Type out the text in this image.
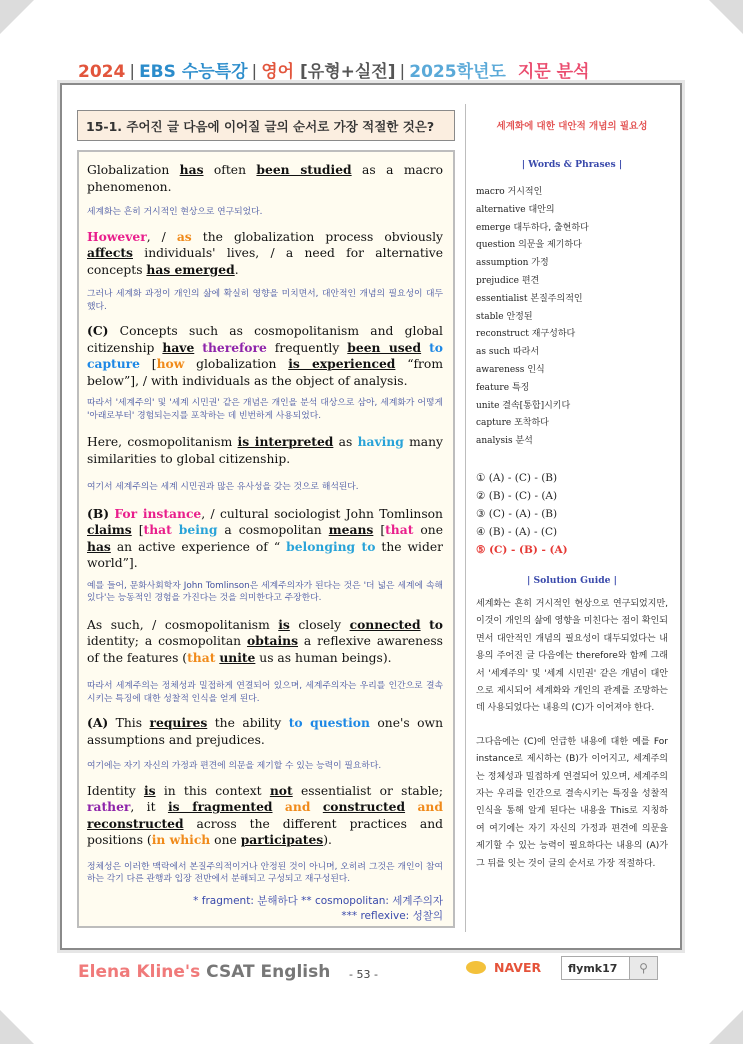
2024 | EBS 수능특강 | 영어 [유형+실전] | 2025학년도 지문 분석
15-1. 주어진 글 다음에 이어질 글의 순서로 가장 적절한 것은?

Globalization has often been studied as a macro phenomenon.

세계화는 흔히 거시적인 현상으로 연구되었다.

However, / as the globalization process obviously affects individuals' lives, / a need for alternative concepts has emerged.

그러나 세계화 과정이 개인의 삶에 확실히 영향을 미치면서, 대안적인 개념의 필요성이 대두했다.

(C) Concepts such as cosmopolitanism and global citizenship have therefore frequently been used to capture [how globalization is experienced “from below”], / with individuals as the object of analysis.

따라서 '세계주의' 및 '세계 시민권' 같은 개념은 개인을 분석 대상으로 삼아, 세계화가 어떻게 '아래로부터' 경험되는지를 포착하는 데 빈번하게 사용되었다.

Here, cosmopolitanism is interpreted as having many similarities to global citizenship.

여기서 세계주의는 세계 시민권과 많은 유사성을 갖는 것으로 해석된다.

(B) For instance, / cultural sociologist John Tomlinson claims [that being a cosmopolitan means [that one has an active experience of “ belonging to the wider world”].

예를 들어, 문화사회학자 John Tomlinson은 세계주의자가 된다는 것은 '더 넓은 세계에 속해 있다'는 능동적인 경험을 가진다는 것을 의미한다고 주장한다.

As such, / cosmopolitanism is closely connected to identity; a cosmopolitan obtains a reflexive awareness of the features (that unite us as human beings).

따라서 세계주의는 정체성과 밀접하게 연결되어 있으며, 세계주의자는 우리를 인간으로 결속시키는 특징에 대한 성찰적 인식을 얻게 된다.

(A) This requires the ability to question one's own assumptions and prejudices.

여기에는 자기 자신의 가정과 편견에 의문을 제기할 수 있는 능력이 필요하다.

Identity is in this context not essentialist or stable; rather, it is fragmented and constructed and reconstructed across the different practices and positions (in which one participates).

정체성은 이러한 맥락에서 본질주의적이거나 안정된 것이 아니며, 오히려 그것은 개인이 참여하는 각기 다른 관행과 입장 전반에서 분해되고 구성되고 재구성된다.

* fragment: 분해하다 ** cosmopolitan: 세계주의자
*** reflexive: 성찰의
세계화에 대한 대안적 개념의 필요성
| Words & Phrases |
macro 거시적인
alternative 대안의
emerge 대두하다, 출현하다
question 의문을 제기하다
assumption 가정
prejudice 편견
essentialist 본질주의적인
stable 안정된
reconstruct 재구성하다
as such 따라서
awareness 인식
feature 특징
unite 결속[통합]시키다
capture 포착하다
analysis 분석
① (A) - (C) - (B)
② (B) - (C) - (A)
③ (C) - (A) - (B)
④ (B) - (A) - (C)
⑤ (C) - (B) - (A)
| Solution Guide |
세계화는 흔히 거시적인 현상으로 연구되었지만, 이것이 개인의 삶에 영향을 미친다는 점이 확인되면서 대안적인 개념의 필요성이 대두되었다는 내용의 주어진 글 다음에는 therefore와 함께 그래서 '세계주의' 및 '세계 시민권' 같은 개념이 대안으로 제시되어 세계화와 개인의 관계를 조망하는 데 사용되었다는 내용의 (C)가 이어져야 한다.
그다음에는 (C)에 언급한 내용에 대한 예를 For instance로 제시하는 (B)가 이어지고, 세계주의는 정체성과 밀접하게 연결되어 있으며, 세계주의자는 우리를 인간으로 결속시키는 특징을 성찰적 인식을 통해 알게 된다는 내용을 This로 지칭하여 여기에는 자기 자신의 가정과 편견에 의문을 제기할 수 있는 능력이 필요하다는 내용의 (A)가 그 뒤를 잇는 것이 글의 순서로 가장 적절하다.
Elena Kline's CSAT English - 53 -	NAVER	flymk17	⚲
